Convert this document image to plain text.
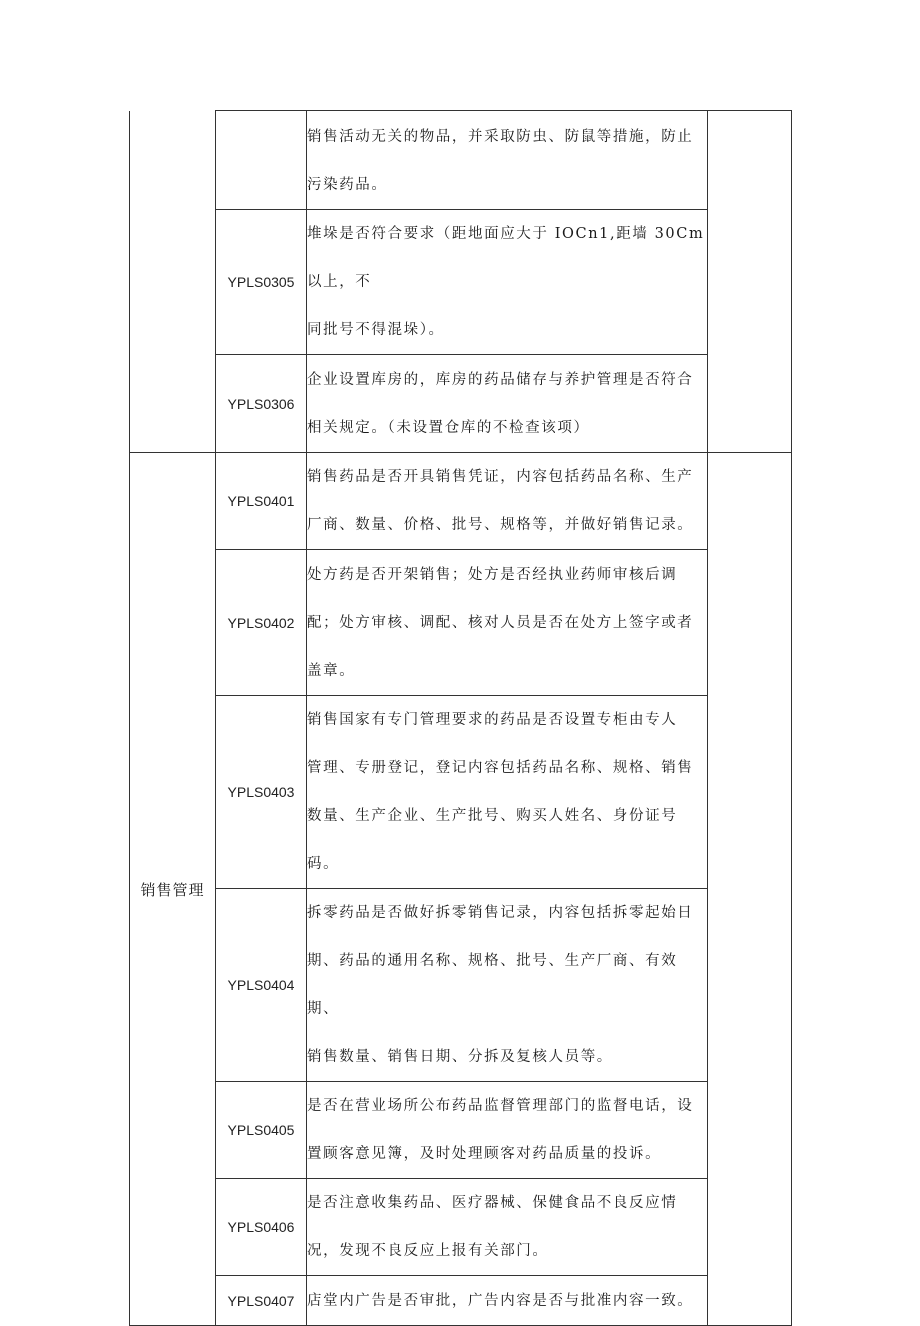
		销售活动无关的物品，并采取防虫、防鼠等措施，防止
污染药品。	

	YPLS0305	堆垛是否符合要求（距地面应大于 IOCn1,距墙 30Cm 以上，不
同批号不得混垛）。	

	YPLS0306	企业设置库房的，库房的药品储存与养护管理是否符合
相关规定。（未设置仓库的不检查该项）	

销售管理	YPLS0401	销售药品是否开具销售凭证，内容包括药品名称、生产
厂商、数量、价格、批号、规格等，并做好销售记录。	

	YPLS0402	处方药是否开架销售；处方是否经执业药师审核后调
配；处方审核、调配、核对人员是否在处方上签字或者
盖章。	

	YPLS0403	销售国家有专门管理要求的药品是否设置专柜由专人
管理、专册登记，登记内容包括药品名称、规格、销售
数量、生产企业、生产批号、购买人姓名、身份证号码。	

	YPLS0404	拆零药品是否做好拆零销售记录，内容包括拆零起始日
期、药品的通用名称、规格、批号、生产厂商、有效期、
销售数量、销售日期、分拆及复核人员等。	

	YPLS0405	是否在营业场所公布药品监督管理部门的监督电话，设
置顾客意见簿，及时处理顾客对药品质量的投诉。	

	YPLS0406	是否注意收集药品、医疗器械、保健食品不良反应情
况，发现不良反应上报有关部门。	

	YPLS0407	店堂内广告是否审批，广告内容是否与批准内容一致。	
